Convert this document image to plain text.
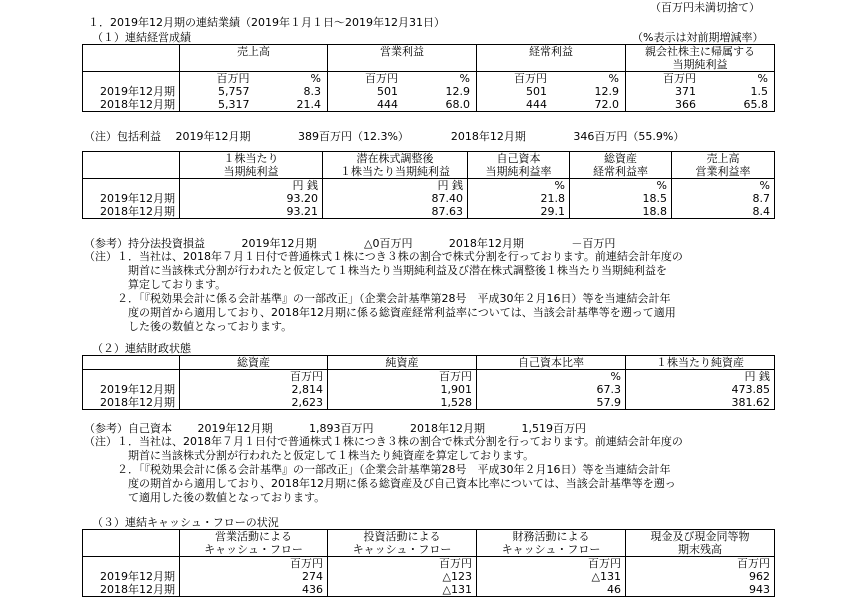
（百万円未満切捨て）
１．2019年12月期の連結業績（2019年１月１日～2019年12月31日）
（１）連結経営成績	（%表示は対前期増減率）
	売上高	営業利益	経常利益	親会社株主に帰属する
				当期純利益

	百万円 %	百万円 %	百万円 %	百万円 %

2019年12月期	5,757 8.3	501 12.9	501 12.9	371 1.5

2018年12月期	5,317 21.4	444 68.0	444 72.0	366 65.8
（注）包括利益　 2019年12月期　　　　 389百万円（12.3%）　　　　 2018年12月期　　　　 346百万円（55.9%）
	１株当たり	潜在株式調整後	自己資本	総資産	売上高
	当期純利益	１株当たり当期純利益	当期純利益率	経常利益率	営業利益率
	円 銭	円 銭	%	%	%
2019年12月期	93.20	87.40	21.8	18.5	8.7
2018年12月期	93.21	87.63	29.1	18.8	8.4
（参考）持分法投資損益　　　 2019年12月期　　　　 △0百万円　　　 2018年12月期　　　　 －百万円
（注）１．当社は、2018年７月１日付で普通株式１株につき３株の割合で株式分割を行っております。前連結会計年度の
　　　　期首に当該株式分割が行われたと仮定して１株当たり当期純利益及び潜在株式調整後１株当たり当期純利益を
　　　　算定しております。
　　　２．「『税効果会計に係る会計基準』の一部改正」（企業会計基準第28号　平成30年２月16日）等を当連結会計年
　　　　度の期首から適用しており、2018年12月期に係る総資産経常利益率については、当該会計基準等を遡って適用
　　　　した後の数値となっております。
（２）連結財政状態
	総資産	純資産	自己資本比率	１株当たり純資産
	百万円	百万円	%	円 銭
2019年12月期	2,814	1,901	67.3	473.85
2018年12月期	2,623	1,528	57.9	381.62
（参考）自己資本　　 2019年12月期　　　 1,893百万円　　　 2018年12月期　　　 1,519百万円
（注）１．当社は、2018年７月１日付で普通株式１株につき３株の割合で株式分割を行っております。前連結会計年度の
　　　　期首に当該株式分割が行われたと仮定して１株当たり純資産を算定しております。
　　　２．「『税効果会計に係る会計基準』の一部改正」（企業会計基準第28号　平成30年２月16日）等を当連結会計年
　　　　度の期首から適用しており、2018年12月期に係る総資産及び自己資本比率については、当該会計基準等を遡っ
　　　　て適用した後の数値となっております。
（３）連結キャッシュ・フローの状況
	営業活動による	投資活動による	財務活動による	現金及び現金同等物
	キャッシュ・フロー	キャッシュ・フロー	キャッシュ・フロー	期末残高
	百万円	百万円	百万円	百万円
2019年12月期	274	△123	△131	962
2018年12月期	436	△131	46	943
